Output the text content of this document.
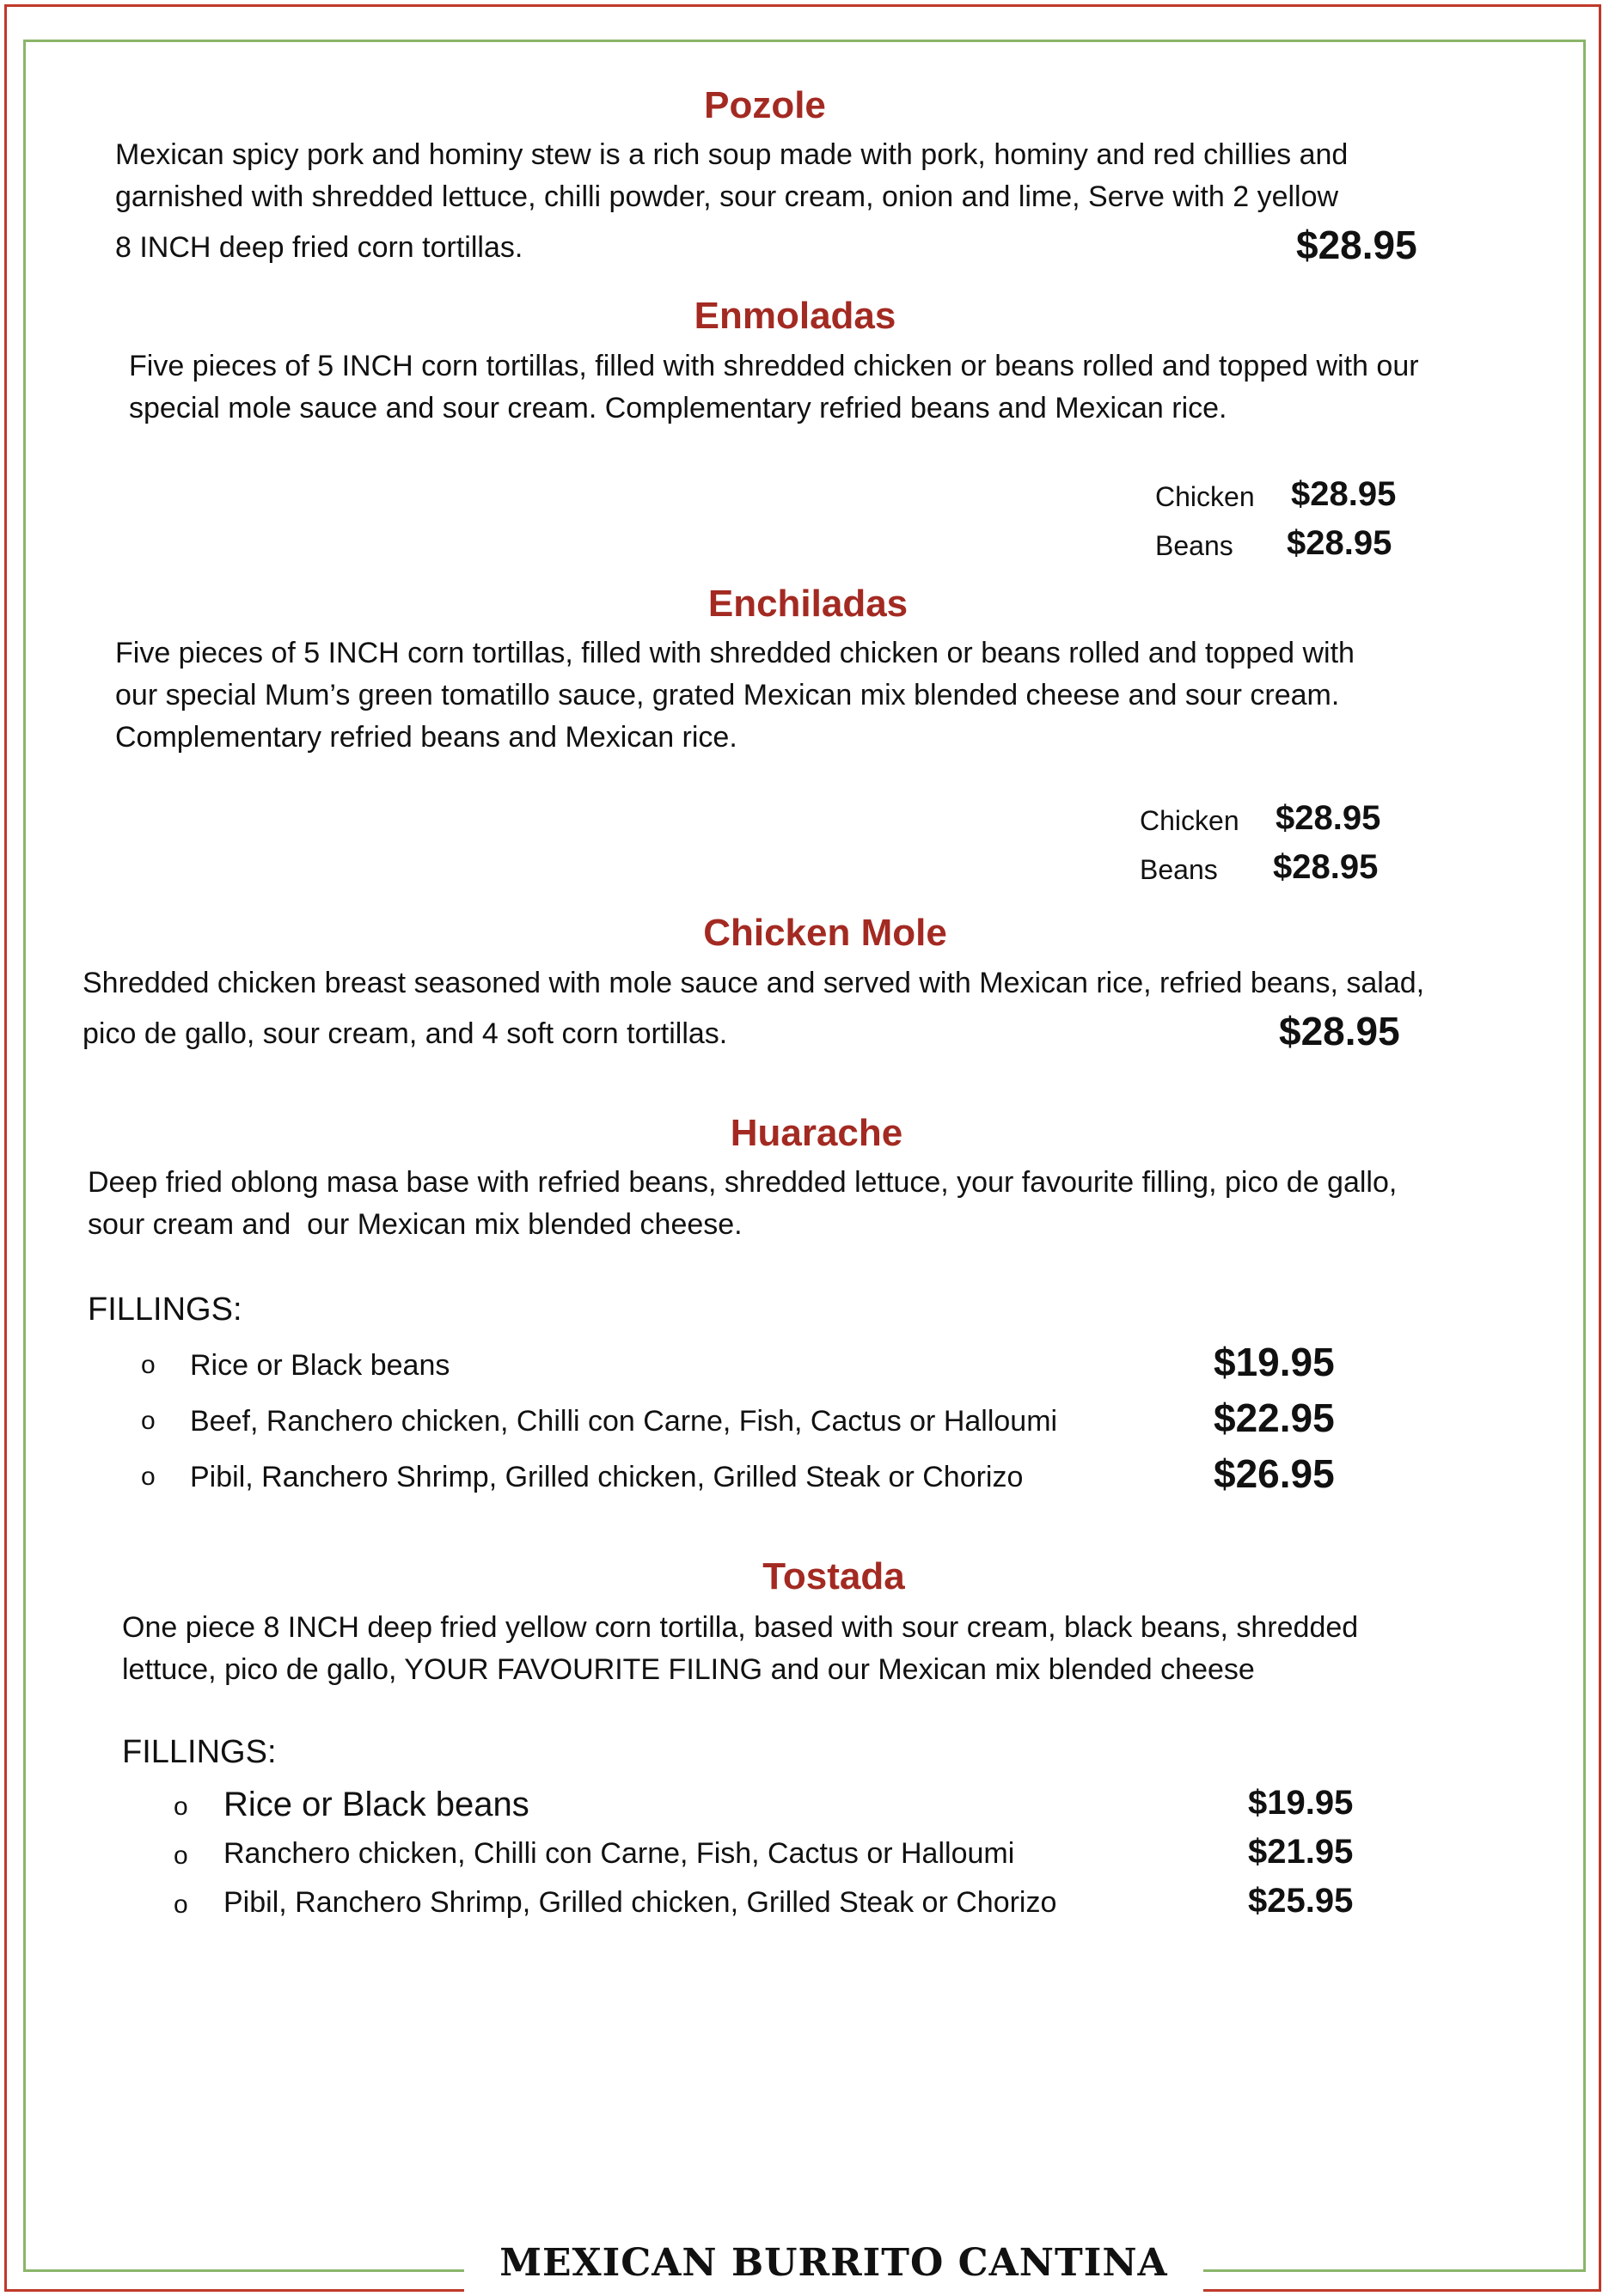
Pozole
Mexican spicy pork and hominy stew is a rich soup made with pork, hominy and red chillies and
garnished with shredded lettuce, chilli powder, sour cream, onion and lime, Serve with 2 yellow
8 INCH deep fried corn tortillas.	$28.95
Enmoladas
Five pieces of 5 INCH corn tortillas, filled with shredded chicken or beans rolled and topped with our
special mole sauce and sour cream. Complementary refried beans and Mexican rice.
Chicken $28.95
Beans $28.95
Enchiladas
Five pieces of 5 INCH corn tortillas, filled with shredded chicken or beans rolled and topped with
our special Mum’s green tomatillo sauce, grated Mexican mix blended cheese and sour cream.
Complementary refried beans and Mexican rice.
Chicken $28.95
Beans $28.95
Chicken Mole
Shredded chicken breast seasoned with mole sauce and served with Mexican rice, refried beans, salad,
pico de gallo, sour cream, and 4 soft corn tortillas.	$28.95
Huarache
Deep fried oblong masa base with refried beans, shredded lettuce, your favourite filling, pico de gallo,
sour cream and  our Mexican mix blended cheese.
FILLINGS:
o Rice or Black beans	$19.95
o Beef, Ranchero chicken, Chilli con Carne, Fish, Cactus or Halloumi	$22.95
o Pibil, Ranchero Shrimp, Grilled chicken, Grilled Steak or Chorizo	$26.95
Tostada
One piece 8 INCH deep fried yellow corn tortilla, based with sour cream, black beans, shredded
lettuce, pico de gallo, YOUR FAVOURITE FILING and our Mexican mix blended cheese
FILLINGS:
o Rice or Black beans	$19.95
o Ranchero chicken, Chilli con Carne, Fish, Cactus or Halloumi	$21.95
o Pibil, Ranchero Shrimp, Grilled chicken, Grilled Steak or Chorizo	$25.95
MEXICAN BURRITO CANTINA
